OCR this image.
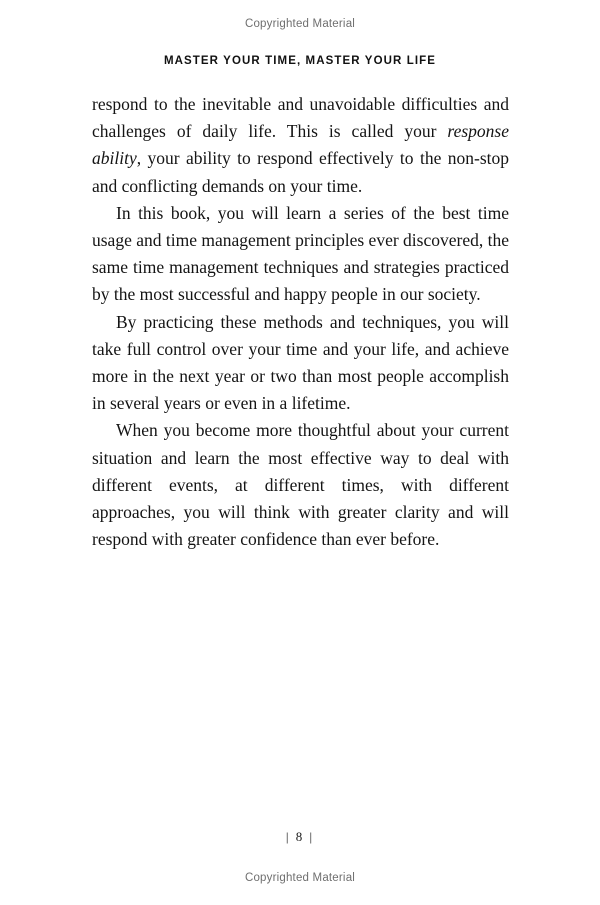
Copyrighted Material
MASTER YOUR TIME, MASTER YOUR LIFE

respond to the inevitable and unavoidable difficulties and challenges of daily life. This is called your response ability, your ability to respond effectively to the non-stop and conflicting demands on your time.

In this book, you will learn a series of the best time usage and time management principles ever discovered, the same time management techniques and strategies practiced by the most successful and happy people in our society.

By practicing these methods and techniques, you will take full control over your time and your life, and achieve more in the next year or two than most people accomplish in several years or even in a lifetime.

When you become more thoughtful about your current situation and learn the most effective way to deal with different events, at different times, with different approaches, you will think with greater clarity and will respond with greater confidence than ever before.

| 8 |
Copyrighted Material
